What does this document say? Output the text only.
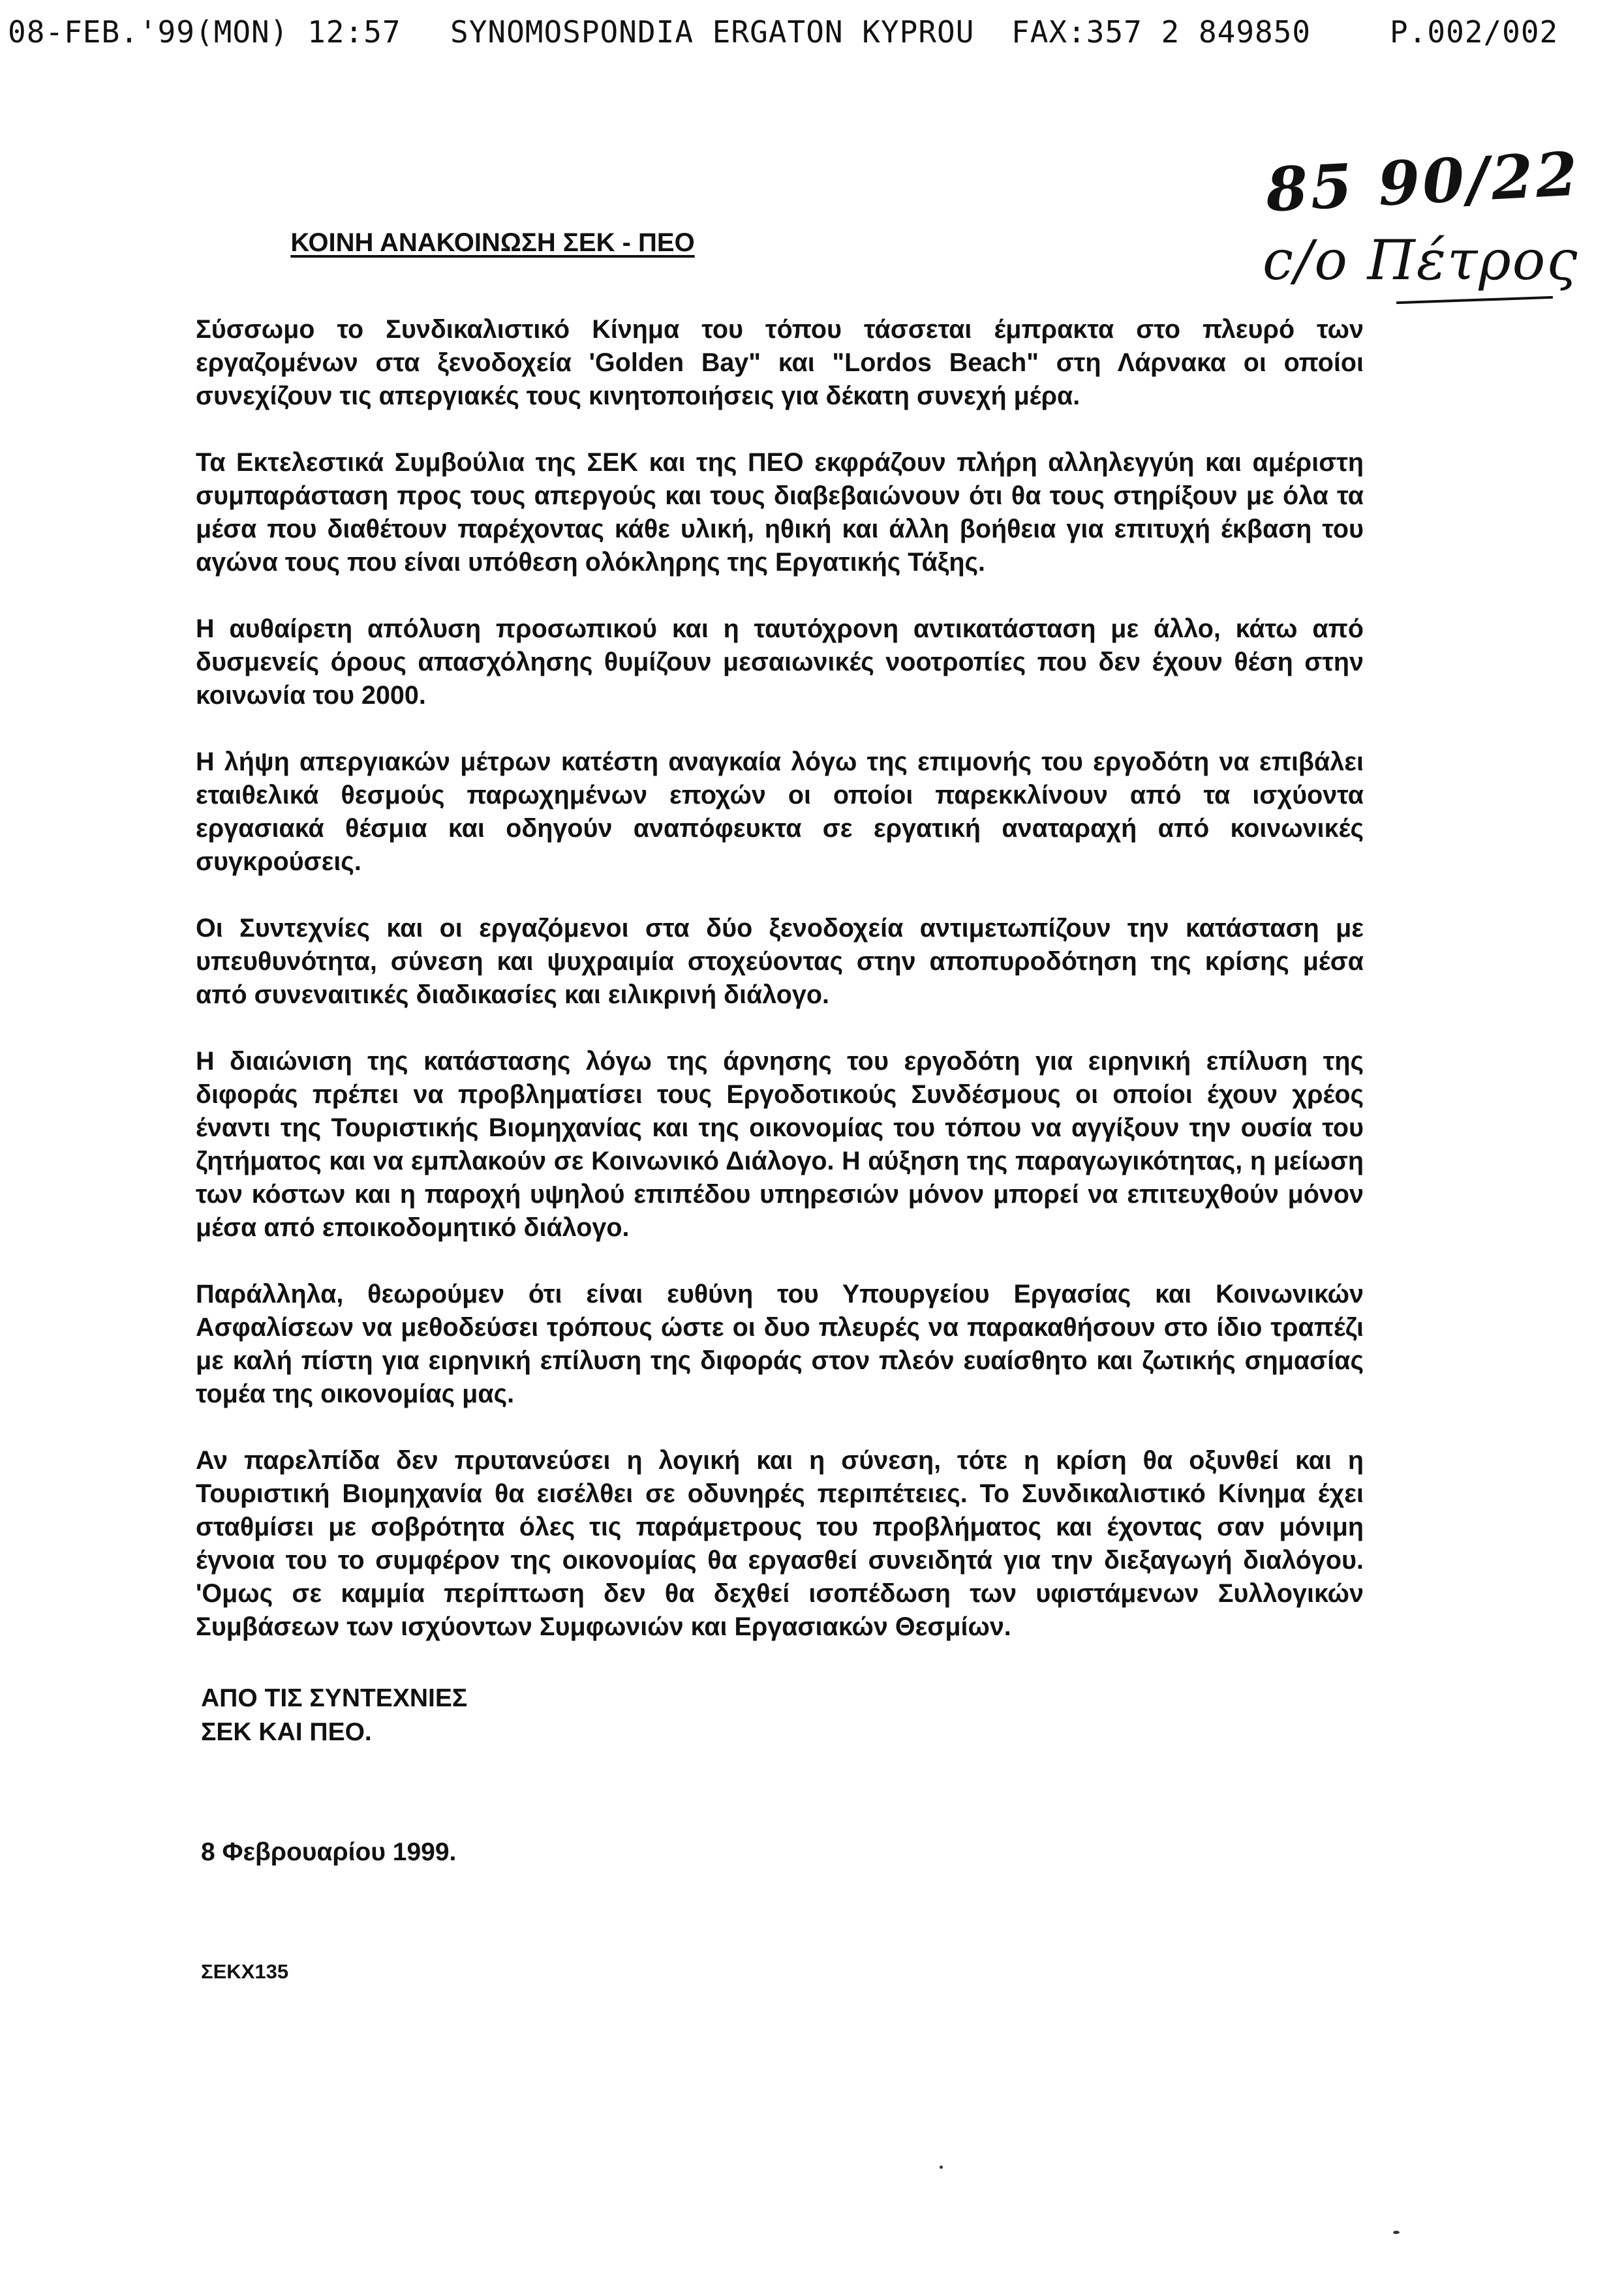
08-FEB.'99(MON) 12:57 SYNOMOSPONDIA ERGATON KYPROU FAX:357 2 849850	P.002/002
85 90/22
c/o Πέτρος
ΚΟΙΝΗ ΑΝΑΚΟΙΝΩΣΗ ΣΕΚ - ΠΕΟ

Σύσσωμο το Συνδικαλιστικό Κίνημα του τόπου τάσσεται έμπρακτα στο πλευρό των εργαζομένων στα ξενοδοχεία 'Golden Bay" και "Lordos Beach" στη Λάρνακα οι οποίοι συνεχίζουν τις απεργιακές τους κινητοποιήσεις για δέκατη συνεχή μέρα.

Τα Εκτελεστικά Συμβούλια της ΣΕΚ και της ΠΕΟ εκφράζουν πλήρη αλληλεγγύη και αμέριστη συμπαράσταση προς τους απεργούς και τους διαβεβαιώνουν ότι θα τους στηρίξουν με όλα τα μέσα που διαθέτουν παρέχοντας κάθε υλική, ηθική και άλλη βοήθεια για επιτυχή έκβαση του αγώνα τους που είναι υπόθεση ολόκληρης της Εργατικής Τάξης.

Η αυθαίρετη απόλυση προσωπικού και η ταυτόχρονη αντικατάσταση με άλλο, κάτω από δυσμενείς όρους απασχόλησης θυμίζουν μεσαιωνικές νοοτροπίες που δεν έχουν θέση στην κοινωνία του 2000.

Η λήψη απεργιακών μέτρων κατέστη αναγκαία λόγω της επιμονής του εργοδότη να επιβάλει εταιθελικά θεσμούς παρωχημένων εποχών οι οποίοι παρεκκλίνουν από τα ισχύοντα εργασιακά θέσμια και οδηγούν αναπόφευκτα σε εργατική αναταραχή από κοινωνικές συγκρούσεις.

Οι Συντεχνίες και οι εργαζόμενοι στα δύο ξενοδοχεία αντιμετωπίζουν την κατάσταση με υπευθυνότητα, σύνεση και ψυχραιμία στοχεύοντας στην αποπυροδότηση της κρίσης μέσα από συνεναιτικές διαδικασίες και ειλικρινή διάλογο.

Η διαιώνιση της κατάστασης λόγω της άρνησης του εργοδότη για ειρηνική επίλυση της διφοράς πρέπει να προβληματίσει τους Εργοδοτικούς Συνδέσμους οι οποίοι έχουν χρέος έναντι της Τουριστικής Βιομηχανίας και της οικονομίας του τόπου να αγγίξουν την ουσία του ζητήματος και να εμπλακούν σε Κοινωνικό Διάλογο. Η αύξηση της παραγωγικότητας, η μείωση των κόστων και η παροχή υψηλού επιπέδου υπηρεσιών μόνον μπορεί να επιτευχθούν μόνον μέσα από εποικοδομητικό διάλογο.

Παράλληλα, θεωρούμεν ότι είναι ευθύνη του Υπουργείου Εργασίας και Κοινωνικών Ασφαλίσεων να μεθοδεύσει τρόπους ώστε οι δυο πλευρές να παρακαθήσουν στο ίδιο τραπέζι με καλή πίστη για ειρηνική επίλυση της διφοράς στον πλεόν ευαίσθητο και ζωτικής σημασίας τομέα της οικονομίας μας.

Αν παρελπίδα δεν πρυτανεύσει η λογική και η σύνεση, τότε η κρίση θα οξυνθεί και η Τουριστική Βιομηχανία θα εισέλθει σε οδυνηρές περιπέτειες. Το Συνδικαλιστικό Κίνημα έχει σταθμίσει με σοβρότητα όλες τις παράμετρους του προβλήματος και έχοντας σαν μόνιμη έγνοια του το συμφέρον της οικονομίας θα εργασθεί συνειδητά για την διεξαγωγή διαλόγου. 'Ομως σε καμμία περίπτωση δεν θα δεχθεί ισοπέδωση των υφιστάμενων Συλλογικών Συμβάσεων των ισχύοντων Συμφωνιών και Εργασιακών Θεσμίων.

ΑΠΟ ΤΙΣ ΣΥΝΤΕΧΝΙΕΣ
ΣΕΚ ΚΑΙ ΠΕΟ.
8 Φεβρουαρίου 1999.
ΣΕΚΧ135
